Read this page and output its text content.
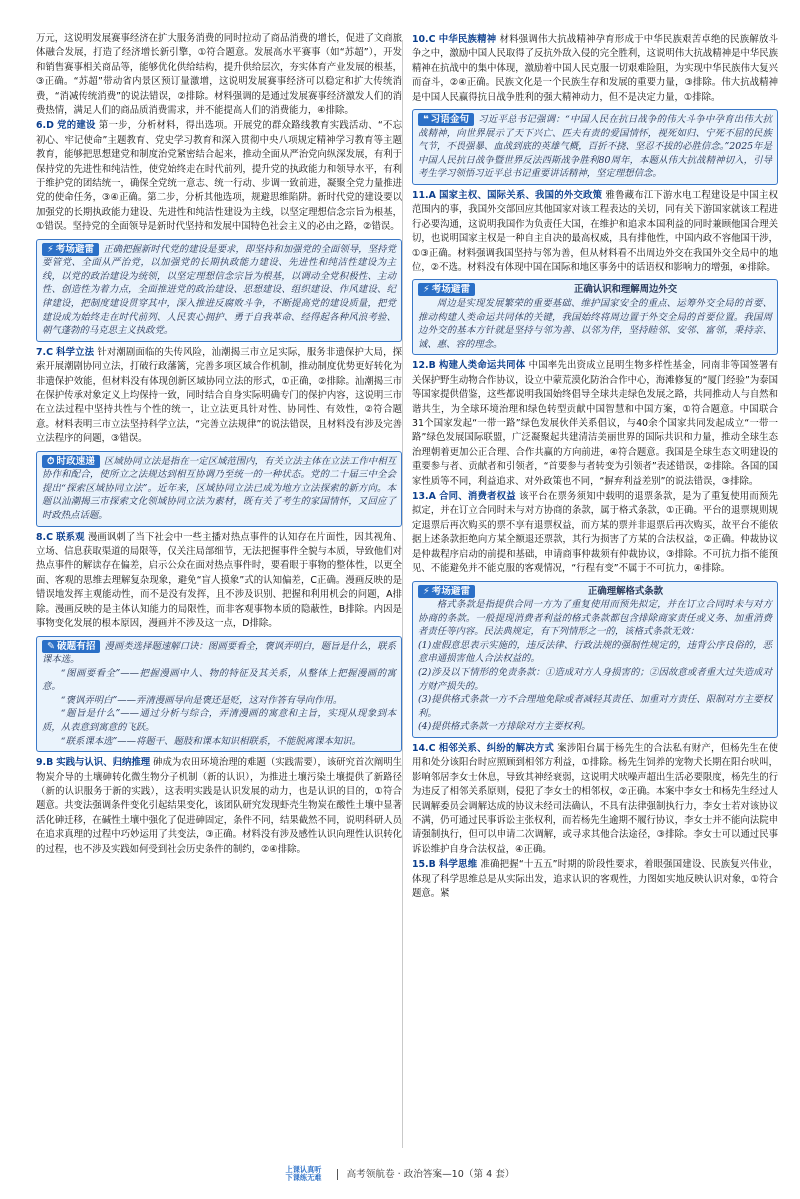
万元，这说明发展赛事经济在扩大服务消费的同时拉动了商品消费的增长，促进了文商旅体融合发展，打造了经济增长新引擎，①符合题意。发展高水平赛事（如“苏超”），开发和销售赛事相关商品等，能够优化供给结构，提升供给层次，夯实体育产业发展的根基，③正确。“苏超”带动省内景区预订量激增，这说明发展赛事经济可以稳定和扩大传统消费，“消减传统消费”的说法错误，②排除。材料强调的是通过发展赛事经济激发人们的消费热情，满足人们的商品质消费需求，并不能提高人们的消费能力，④排除。

6.D 党的建设 第一步，分析材料，得出选项。开展党的群众路线教育实践活动、“不忘初心、牢记使命”主题教育、党史学习教育和深入贯彻中央八项规定精神学习教育等主题教育，能够把思想建党和制度治党紧密结合起来，推动全面从严治党向纵深发展，有利于保持党的先进性和纯洁性，使党始终走在时代前列，提升党的执政能力和领导水平，有利于维护党的团结统一，确保全党统一意志、统一行动、步调一致前进，凝聚全党力量推进党的使命任务，③④正确。第二步，分析其他选项，规避思维陷阱。新时代党的建设要以加强党的长期执政能力建设、先进性和纯洁性建设为主线，以坚定理想信念宗旨为根基，①错误。坚持党的全面领导是新时代坚持和发展中国特色社会主义的必由之路，②错误。

⚡ 考场避雷 正确把握新时代党的建设是要求，即坚持和加强党的全面领导，坚持党要管党、全面从严治党，以加强党的长期执政能力建设、先进性和纯洁性建设为主线，以党的政治建设为统领，以坚定理想信念宗旨为根基，以调动全党积极性、主动性、创造性为着力点，全面推进党的政治建设、思想建设、组织建设、作风建设、纪律建设，把制度建设贯穿其中，深入推进反腐败斗争，不断提高党的建设质量，把党建设成为始终走在时代前列、人民衷心拥护、勇于自我革命、经得起各种风浪考验、朝气蓬勃的马克思主义执政党。

7.C 科学立法 针对潮剧面临的失传风险，汕潮揭三市立足实际，服务非遗保护大局，探索开展潮剧协同立法，打破行政藩篱，完善多项区域合作机制，推动制度优势更好转化为非遗保护效能，但材料没有体现创新区域协同立法的形式，①正确，②排除。汕潮揭三市在保护传承对象定义上均保持一致，同时结合自身实际明确专门的保护内容，这说明三市在立法过程中坚持共性与个性的统一，让立法更具针对性、协同性、有效性，②符合题意。材料表明三市立法坚持科学立法，“完善立法规律”的说法错误，且材料没有涉及完善立法程序的问题，③错误。

⏱ 时政速递 区域协同立法是指在一定区域范围内，有关立法主体在立法工作中相互协作和配合，使所立之法规达到相互协调乃至统一的一种状态。党的二十届三中全会提出“探索区域协同立法”。近年来，区域协同立法已成为地方立法探索的新方向。本题以汕潮揭三市探索文化领域协同立法为素材，既有关了考生的家国情怀，又回应了时政热点话题。

8.C 联系观 漫画讽刺了当下社会中一些主播对热点事件的认知存在片面性，因其视角、立场、信息获取渠道的局限等，仅关注局部细节，无法把握事件全貌与本质，导致他们对热点事件的解读存在偏差，启示公众在面对热点事件时，要看眼于事物的整体性，以更全面、客观的思维去理解复杂现象，避免“盲人摸象”式的认知偏差，C正确。漫画反映的是错误地发挥主观能动性，而不是没有发挥，且不涉及识别、把握和利用机会的问题，A排除。漫画反映的是主体认知能力的局限性，而非客观事物本质的隐蔽性，B排除。内因是事物变化发展的根本原因，漫画并不涉及这一点，D排除。

✎ 破题有招 漫画类选择题速解口诀：图画要看全，褒讽弄明白，题旨是什么，联系课本选。

“图画要看全”——把握漫画中人、物的特征及其关系，从整体上把握漫画的寓意。

“褒讽弄明白”——弄清漫画导向是褒还是贬，这对作答有导向作用。

“题旨是什么”——通过分析与综合，弄清漫画的寓意和主旨，实现从现象到本质，从表意到寓意的飞跃。

“联系课本选”——将题干、题肢和课本知识相联系，不能脱离课本知识。

9.B 实践与认识、归纳推理 砷成为农田环境治理的难题（实践需要），该研究首次阐明生物炭介导的土壤砷转化微生物分子机制（新的认识），为推进土壤污染土壤提供了新路径（新的认识服务于新的实践），这表明实践是认识发展的动力，也是认识的目的，①符合题意。共变法强调条件变化引起结果变化，该团队研究发现虾壳生物炭在酸性土壤中显著活化砷迁移，在碱性土壤中强化了促进砷固定，条件不同，结果截然不同，说明科研人员在追求真理的过程中巧妙运用了共变法，③正确。材料没有涉及感性认识向理性认识转化的过程，也不涉及实践如何受到社会历史条件的制约，②④排除。

10.C 中华民族精神 材料强调伟大抗战精神孕育形成于中华民族艰苦卓绝的民族解放斗争之中，激励中国人民取得了反抗外敌入侵的完全胜利，这说明伟大抗战精神是中华民族精神在抗战中的集中体现，激励着中国人民克服一切艰难险阻，为实现中华民族伟大复兴而奋斗，②④正确。民族文化是一个民族生存和发展的重要力量，③排除。伟大抗战精神是中国人民赢得抗日战争胜利的强大精神动力，但不是决定力量，①排除。

❝ 习语金句 习近平总书记强调：“中国人民在抗日战争的伟大斗争中孕育出伟大抗战精神，向世界展示了天下兴亡、匹夫有责的爱国情怀，视死如归、宁死不屈的民族气节，不畏强暴、血战到底的英雄气概，百折不挠、坚忍不拔的必胜信念。”2025年是中国人民抗日战争暨世界反法西斯战争胜利80周年，本题从伟大抗战精神切入，引导考生学习领悟习近平总书记重要讲话精神，坚定理想信念。

11.A 国家主权、国际关系、我国的外交政策 雅鲁藏布江下游水电工程建设是中国主权范围内的事，我国外交部回应其他国家对该工程表达的关切，同有关下游国家就该工程进行必要沟通，这说明我国作为负责任大国，在维护和追求本国利益的同时兼顾他国合理关切，也说明国家主权是一种自主自决的最高权威，具有排他性，中国内政不容他国干涉，①③正确。材料强调我国坚持与邻为善，但从材料看不出周边外交在我国外交全局中的地位，②不选。材料没有体现中国在国际和地区事务中的话语权和影响力的增强，④排除。

⚡ 考场避雷	正确认识和理解周边外交

周边是实现发展繁荣的重要基础、维护国家安全的重点、运筹外交全局的首要、推动构建人类命运共同体的关键，我国始终将周边置于外交全局的首要位置。我国周边外交的基本方针就是坚持与邻为善、以邻为伴，坚持睦邻、安邻、富邻，秉持亲、诚、惠、容的理念。

12.B 构建人类命运共同体 中国率先出资成立昆明生物多样性基金，同南非等国签署有关保护野生动物合作协议，设立中蒙荒漠化防治合作中心，海滩修复的“厦门经验”为泰国等国家提供借鉴，这些都说明我国始终倡导全球共走绿色发展之路，共同推动人与自然和谐共生，为全球环境治理和绿色转型贡献中国智慧和中国方案，①符合题意。中国联合31个国家发起“一带一路”绿色发展伙伴关系倡议，与40余个国家共同发起成立“一带一路”绿色发展国际联盟，广泛凝聚起共建清洁美丽世界的国际共识和力量，推动全球生态治理朝着更加公正合理、合作共赢的方向前进，④符合题意。我国是全球生态文明建设的重要参与者、贡献者和引领者，“首要参与者转变为引领者”表述错误，②排除。各国的国家性质等不同，利益追求、对外政策也不同，“摒弃利益差别”的说法错误，③排除。

13.A 合同、消费者权益 该平台在票务须知中载明的退票条款，是为了重复使用而预先拟定，并在订立合同时未与对方协商的条款，属于格式条款，①正确。平台的退票规则规定退票后再次购买的票不享有退票权益，而方某的票并非退票后再次购买，故平台不能依据上述条款拒绝向方某全额退还票款，其行为损害了方某的合法权益，②正确。仲裁协议是仲裁程序启动的前提和基础，申请商事仲裁须有仲裁协议，③排除。不可抗力指不能预见、不能避免并不能克服的客观情况，“行程有变”不属于不可抗力，④排除。

⚡ 考场避雷	正确理解格式条款

格式条款是指提供合同一方为了重复使用而预先拟定，并在订立合同时未与对方协商的条款。一般提现消费者利益的格式条款都包含排除商家责任或义务、加重消费者责任等内容。民法典规定，有下列情形之一的，该格式条款无效：

(1)虚假意思表示实施的，违反法律、行政法规的强制性规定的，违背公序良俗的，恶意串通损害他人合法权益的。

(2)涉及以下情形的免责条款：①造成对方人身损害的；②因故意或者重大过失造成对方财产损失的。

(3)提供格式条款一方不合理地免除或者减轻其责任、加重对方责任、限制对方主要权利。

(4)提供格式条款一方排除对方主要权利。

14.C 相邻关系、纠纷的解决方式 案涉阳台属于杨先生的合法私有财产，但杨先生在使用和处分该阳台时应照顾到相邻方利益，①排除。杨先生饲养的宠物犬长期在阳台吠叫，影响邻居李女士休息，导致其神经衰弱，这说明犬吠噪声超出生活必要限度，杨先生的行为违反了相邻关系原则，侵犯了李女士的相邻权，②正确。本案中李女士和杨先生经过人民调解委员会调解达成的协议未经司法确认，不具有法律强制执行力，李女士若对该协议不满，仍可通过民事诉讼主张权利，而若杨先生逾期不履行协议，李女士并不能向法院申请强制执行，但可以申请二次调解，或寻求其他合法途径，③排除。李女士可以通过民事诉讼维护自身合法权益，④正确。

15.B 科学思维 准确把握“十五五”时期的阶段性要求，着眼强国建设、民族复兴伟业，体现了科学思维总是从实际出发，追求认识的客观性，力图如实地反映认识对象，①符合题意。紧

上课认真听
下课练无难	高考领航卷 · 政治答案—10（第 4 套）
